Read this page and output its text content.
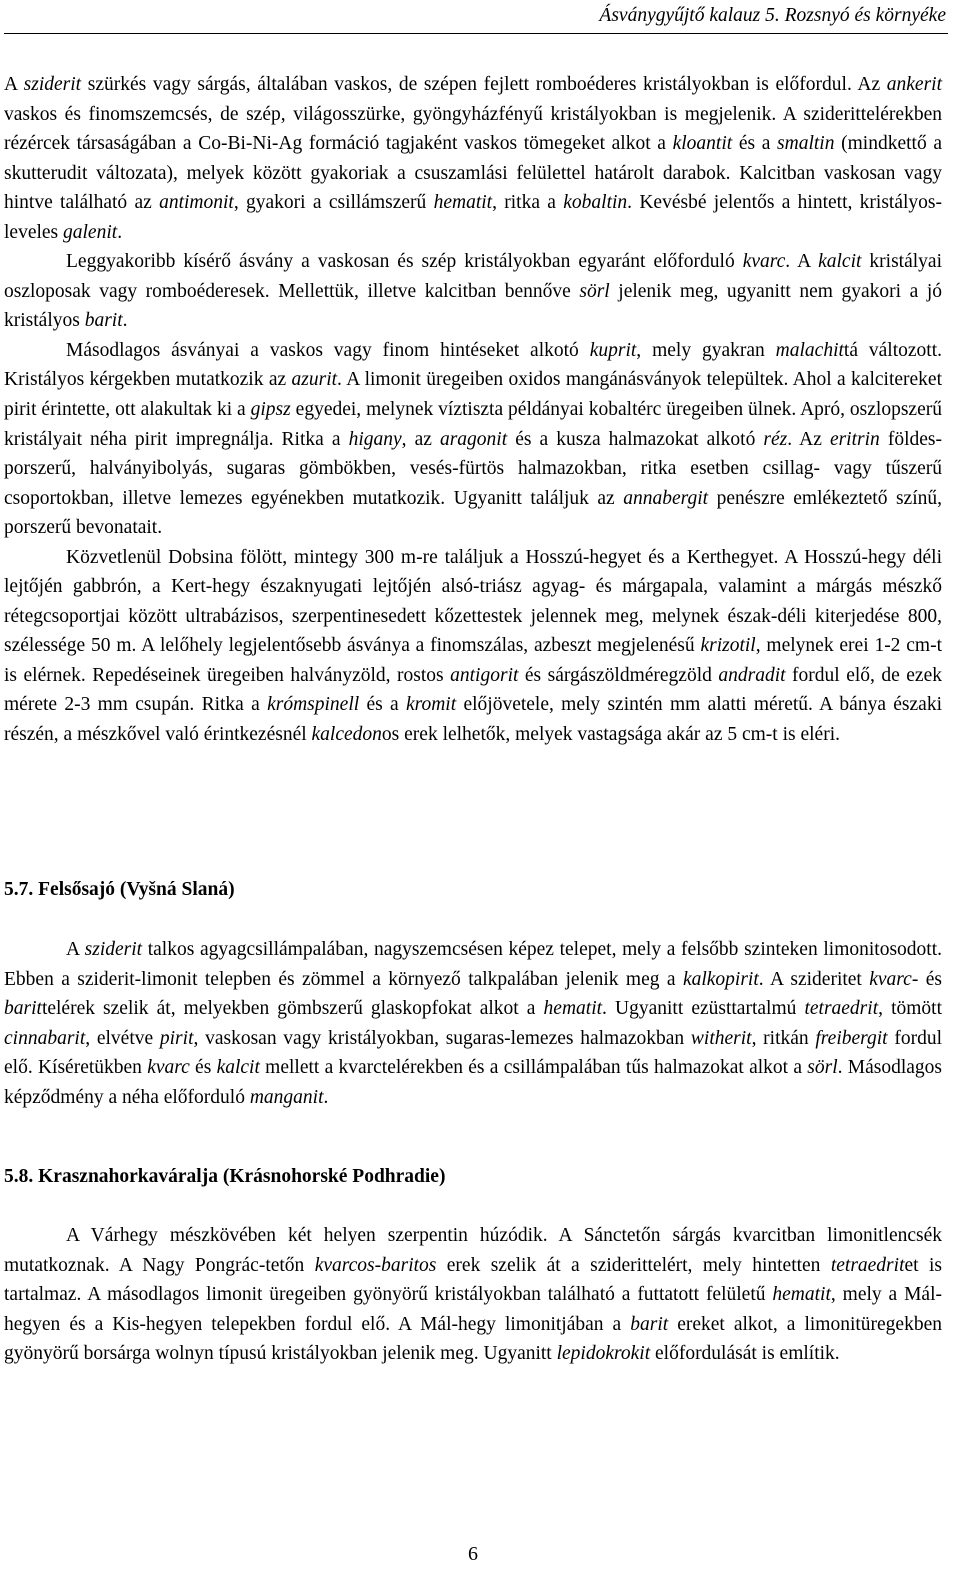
Ásványgyűjtő kalauz 5. Rozsnyó és környéke

A sziderit szürkés vagy sárgás, általában vaskos, de szépen fejlett romboéderes kristályokban is előfordul. Az ankerit vaskos és finomszemcsés, de szép, világosszürke, gyöngyházfényű kristályokban is megjelenik. A sziderittelérekben rézércek társaságában a Co-Bi-Ni-Ag formáció tagjaként vaskos tömegeket alkot a kloantit és a smaltin (mindkettő a skutterudit változata), melyek között gyakoriak a csuszamlási felülettel határolt darabok. Kalcitban vaskosan vagy hintve található az antimonit, gyakori a csillámszerű hematit, ritka a kobaltin. Kevésbé jelentős a hintett, kristályos-leveles galenit.

Leggyakoribb kísérő ásvány a vaskosan és szép kristályokban egyaránt előforduló kvarc. A kalcit kristályai oszloposak vagy romboéderesek. Mellettük, illetve kalcitban bennőve sörl jelenik meg, ugyanitt nem gyakori a jó kristályos barit.

Másodlagos ásványai a vaskos vagy finom hintéseket alkotó kuprit, mely gyakran malachittá változott. Kristályos kérgekben mutatkozik az azurit. A limonit üregeiben oxidos mangánásványok települtek. Ahol a kalcitereket pirit érintette, ott alakultak ki a gipsz egyedei, melynek víztiszta példányai kobaltérc üregeiben ülnek. Apró, oszlopszerű kristályait néha pirit impregnálja. Ritka a higany, az aragonit és a kusza halmazokat alkotó réz. Az eritrin földes-porszerű, halványibolyás, sugaras gömbökben, vesés-fürtös halmazokban, ritka esetben csillag- vagy tűszerű csoportokban, illetve lemezes egyénekben mutatkozik. Ugyanitt találjuk az annabergit penészre emlékeztető színű, porszerű bevonatait.

Közvetlenül Dobsina fölött, mintegy 300 m-re találjuk a Hosszú-hegyet és a Kerthegyet. A Hosszú-hegy déli lejtőjén gabbrón, a Kert-hegy északnyugati lejtőjén alsó-triász agyag- és márgapala, valamint a márgás mészkő rétegcsoportjai között ultrabázisos, szerpentinesedett kőzettestek jelennek meg, melynek észak-déli kiterjedése 800, szélessége 50 m. A lelőhely legjelentősebb ásványa a finomszálas, azbeszt megjelenésű krizotil, melynek erei 1-2 cm-t is elérnek. Repedéseinek üregeiben halványzöld, rostos antigorit és sárgászöldméregzöld andradit fordul elő, de ezek mérete 2-3 mm csupán. Ritka a krómspinell és a kromit előjövetele, mely szintén mm alatti méretű. A bánya északi részén, a mészkővel való érintkezésnél kalcedonos erek lelhetők, melyek vastagsága akár az 5 cm-t is eléri.

5.7. Felsősajó (Vyšná Slaná)

A sziderit talkos agyagcsillámpalában, nagyszemcsésen képez telepet, mely a felsőbb szinteken limonitosodott. Ebben a sziderit-limonit telepben és zömmel a környező talkpalában jelenik meg a kalkopirit. A szideritet kvarc- és barittelérek szelik át, melyekben gömbszerű glaskopfokat alkot a hematit. Ugyanitt ezüsttartalmú tetraedrit, tömött cinnabarit, elvétve pirit, vaskosan vagy kristályokban, sugaras-lemezes halmazokban witherit, ritkán freibergit fordul elő. Kíséretükben kvarc és kalcit mellett a kvarctelérekben és a csillámpalában tűs halmazokat alkot a sörl. Másodlagos képződmény a néha előforduló manganit.

5.8. Krasznahorkaváralja (Krásnohorské Podhradie)

A Várhegy mészkövében két helyen szerpentin húzódik. A Sánctetőn sárgás kvarcitban limonitlencsék mutatkoznak. A Nagy Pongrác-tetőn kvarcos-baritos erek szelik át a sziderittelért, mely hintetten tetraedritet is tartalmaz. A másodlagos limonit üregeiben gyönyörű kristályokban található a futtatott felületű hematit, mely a Mál-hegyen és a Kis-hegyen telepekben fordul elő. A Mál-hegy limonitjában a barit ereket alkot, a limonitüregekben gyönyörű borsárga wolnyn típusú kristályokban jelenik meg. Ugyanitt lepidokrokit előfordulását is említik.

6
